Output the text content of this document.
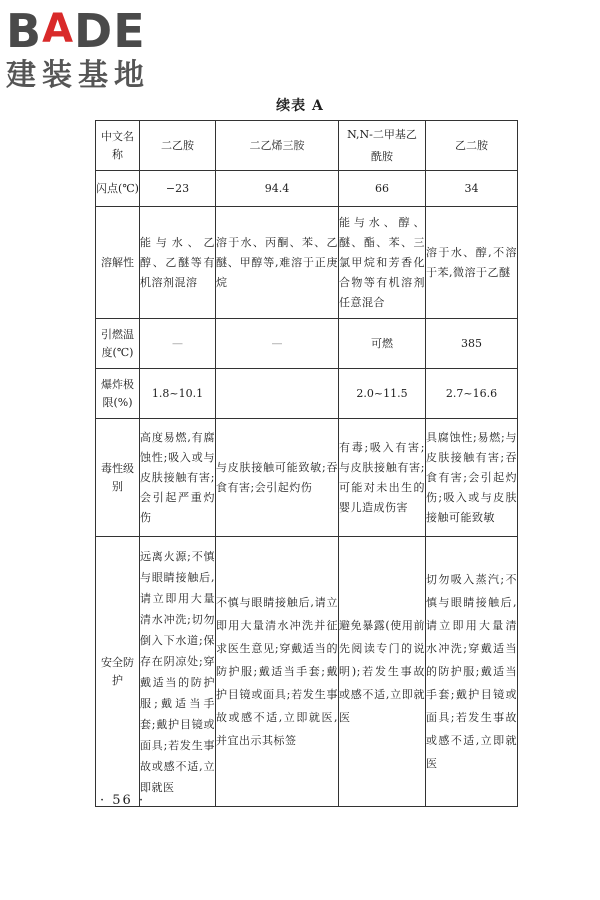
B A DE
建装基地
续表 A
中文名称	二乙胺	二乙烯三胺	N,N-二甲基乙酰胺	乙二胺
闪点(℃)	−23	94.4	66	34
溶解性	能与水、乙醇、乙醚等有机溶剂混溶	溶于水、丙酮、苯、乙醚、甲醇等,难溶于正庚烷	能与水、醇、醚、酯、苯、三氯甲烷和芳香化合物等有机溶剂任意混合	溶于水、醇,不溶于苯,微溶于乙醚
引燃温度(℃)	—	—	可燃	385
爆炸极限(%)	1.8~10.1		2.0~11.5	2.7~16.6
毒性级别	高度易燃,有腐蚀性;吸入或与皮肤接触有害;会引起严重灼伤	与皮肤接触可能致敏;吞食有害;会引起灼伤	有毒;吸入有害;与皮肤接触有害;可能对未出生的婴儿造成伤害	具腐蚀性;易燃;与皮肤接触有害;吞食有害;会引起灼伤;吸入或与皮肤接触可能致敏
安全防护	远离火源;不慎与眼睛接触后,请立即用大量清水冲洗;切勿倒入下水道;保存在阴凉处;穿戴适当的防护服;戴适当手套;戴护目镜或面具;若发生事故或感不适,立即就医	不慎与眼睛接触后,请立即用大量清水冲洗并征求医生意见;穿戴适当的防护服;戴适当手套;戴护目镜或面具;若发生事故或感不适,立即就医,并宜出示其标签	避免暴露(使用前先阅读专门的说明);若发生事故或感不适,立即就医	切勿吸入蒸汽;不慎与眼睛接触后,请立即用大量清水冲洗;穿戴适当的防护服;戴适当手套;戴护目镜或面具;若发生事故或感不适,立即就医
· 56 ·
